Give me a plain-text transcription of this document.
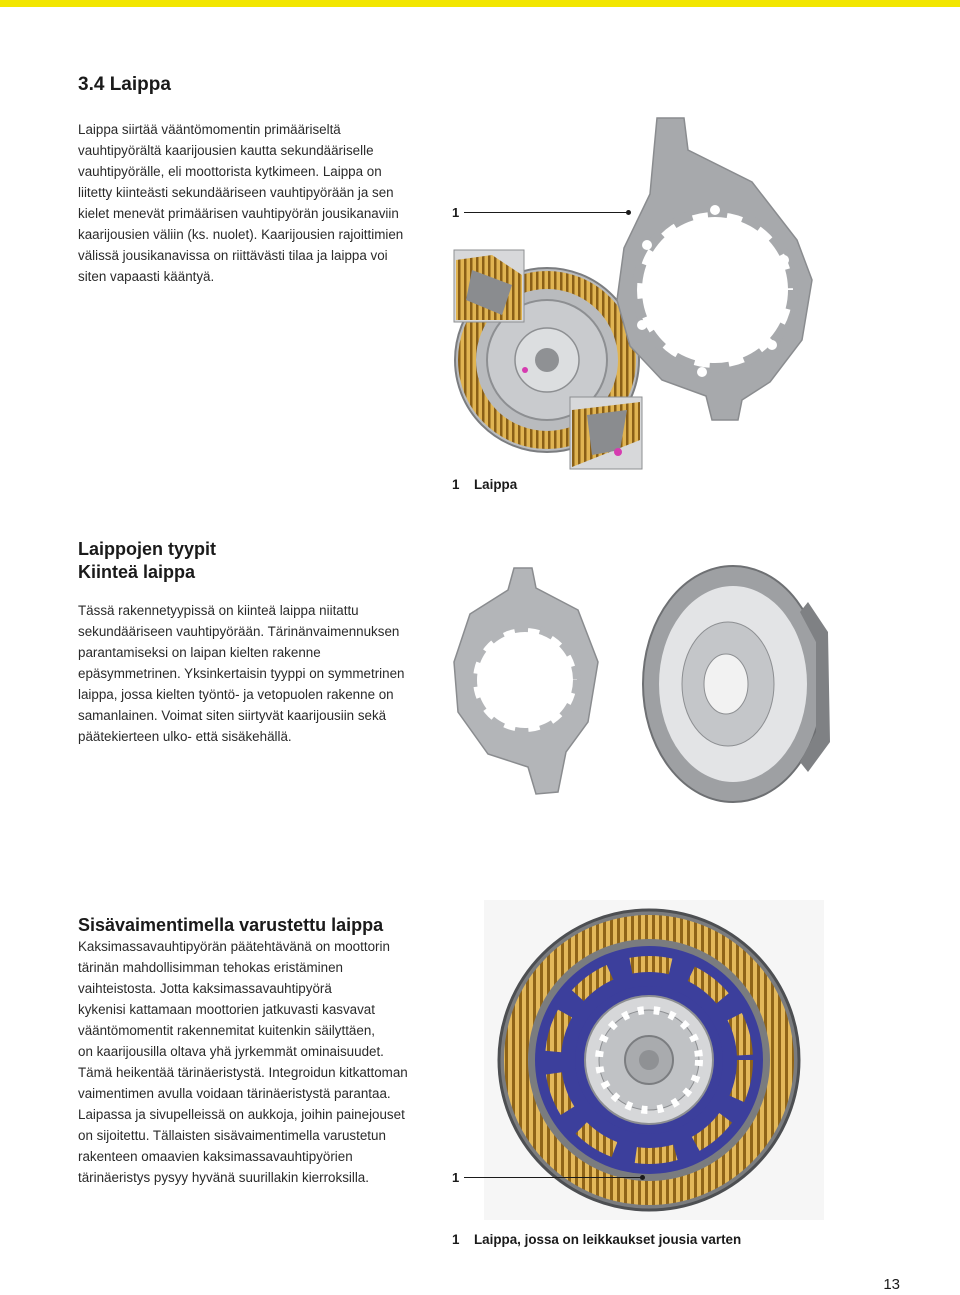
3.4 Laippa

Laippa siirtää vääntömomentin primääriseltä
vauhtipyörältä kaarijousien kautta sekundääriselle
vauhtipyörälle, eli moottorista kytkimeen. Laippa on
liitetty kiinteästi sekundääriseen vauhtipyörään ja sen
kielet menevät primäärisen vauhtipyörän jousikanaviin
kaarijousien väliin (ks. nuolet). Kaarijousien rajoittimien
välissä jousikanavissa on riittävästi tilaa ja laippa voi
siten vapaasti kääntyä.

1
1 Laippa
Laippojen tyypit
Kiinteä laippa

Tässä rakennetyypissä on kiinteä laippa niitattu
sekundääriseen vauhtipyörään. Tärinänvaimennuksen
parantamiseksi on laipan kielten rakenne
epäsymmetrinen. Yksinkertaisin tyyppi on symmetrinen
laippa, jossa kielten työntö- ja vetopuolen rakenne on
samanlainen. Voimat siten siirtyvät kaarijousiin sekä
päätekierteen ulko- että sisäkehällä.

Sisävaimentimella varustettu laippa

Kaksimassavauhtipyörän päätehtävänä on moottorin

tärinän mahdollisimman tehokas eristäminen
vaihteistosta. Jotta kaksimassavauhtipyörä
kykenisi kattamaan moottorien jatkuvasti kasvavat
vääntömomentit rakennemitat kuitenkin säilyttäen,
on kaarijousilla oltava yhä jyrkemmät ominaisuudet.
Tämä heikentää tärinäeristystä. Integroidun kitkattoman
vaimentimen avulla voidaan tärinäeristystä parantaa.
Laipassa ja sivupelleissä on aukkoja, joihin painejouset
on sijoitettu. Tällaisten sisävaimentimella varustetun
rakenteen omaavien kaksimassavauhtipyörien
tärinäeristys pysyy hyvänä suurillakin kierroksilla.	1
1 Laippa, jossa on leikkaukset jousia varten
13
